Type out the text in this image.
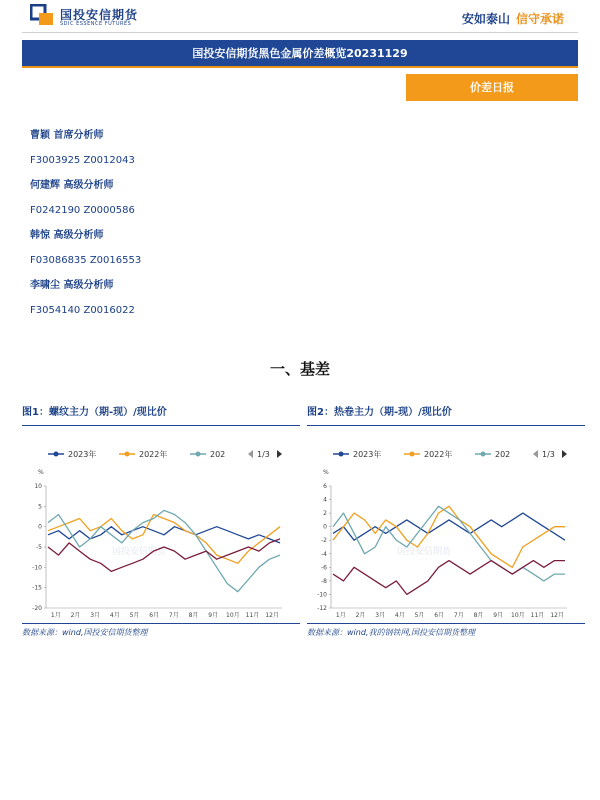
国投安信期货
SDIC ESSENCE FUTURES	安如泰山 信守承诺
国投安信期货黑色金属价差概览20231129
价差日报
曹颖 首席分析师
F3003925 Z0012043
何建辉 高级分析师
F0242190 Z0000586
韩惊 高级分析师
F03086835 Z0016553
李啸尘 高级分析师
F3054140 Z0016022
一、基差
图1：螺纹主力（期-现）/现比价
2023年	2022年	202	1/3
%
国投安信期货
10
5
0
-5
-10
-15
-20
1月 2月 3月 4月 5月 6月 7月 8月 9月 10月 11月 12月
数据来源：wind,国投安信期货整理
图2：热卷主力（期-现）/现比价
2023年	2022年	202	1/3
%
国投安信期货
6
4
2
0
-2
-4
-6
-8
-10
-12
1月 2月 3月 4月 5月 6月 7月 8月 9月 10月 11月 12月
数据来源：wind,我的钢铁网,国投安信期货整理
